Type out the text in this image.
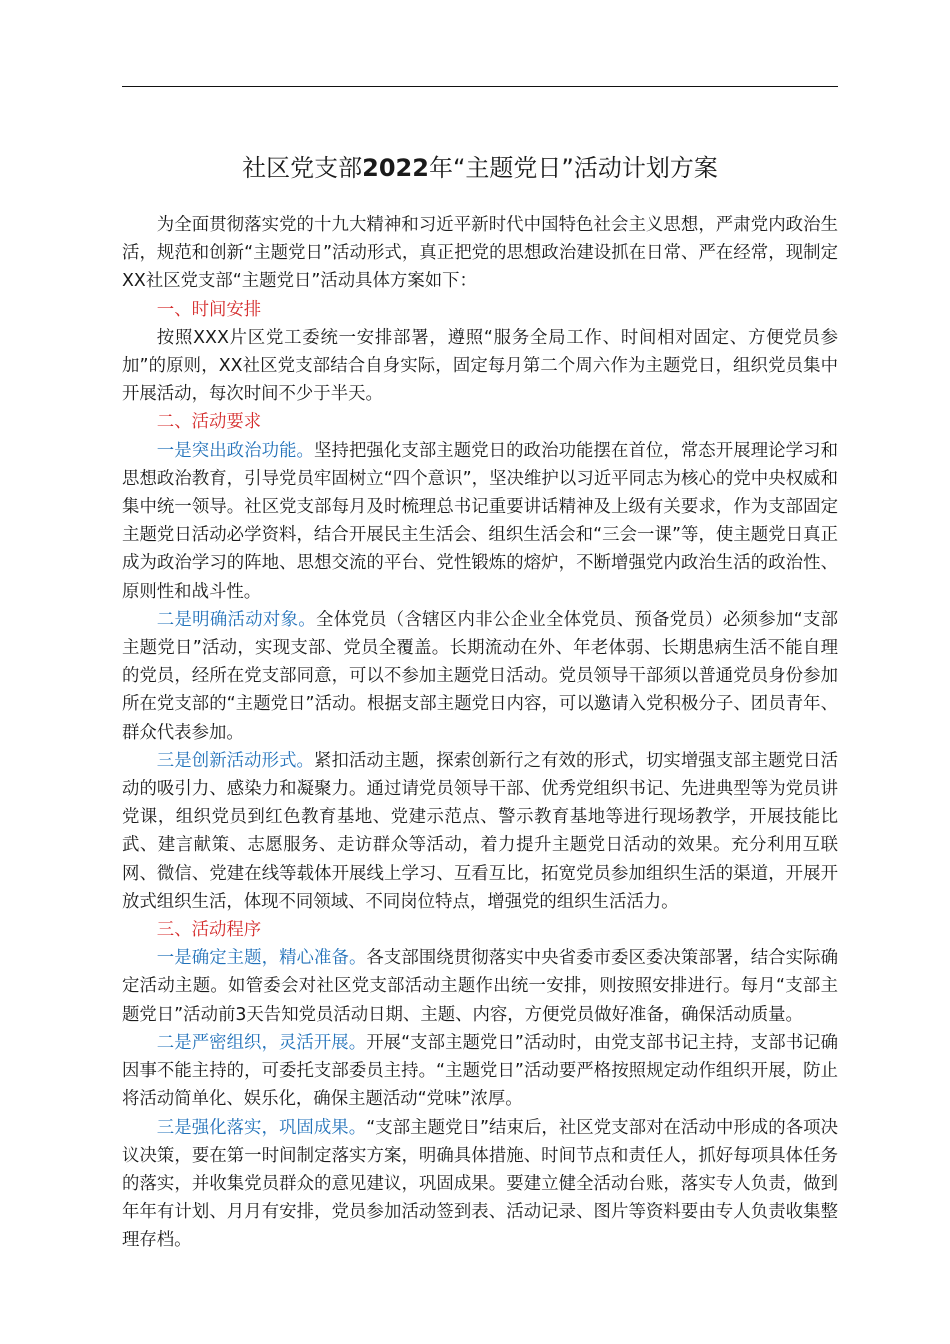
社区党支部2022年“主题党日”活动计划方案

为全面贯彻落实党的十九大精神和习近平新时代中国特色社会主义思想，严肃党内政治生活，规范和创新“主题党日”活动形式，真正把党的思想政治建设抓在日常、严在经常，现制定XX社区党支部“主题党日”活动具体方案如下：

一、时间安排

按照XXX片区党工委统一安排部署，遵照“服务全局工作、时间相对固定、方便党员参加”的原则，XX社区党支部结合自身实际，固定每月第二个周六作为主题党日，组织党员集中开展活动，每次时间不少于半天。

二、活动要求

一是突出政治功能。坚持把强化支部主题党日的政治功能摆在首位，常态开展理论学习和思想政治教育，引导党员牢固树立“四个意识”，坚决维护以习近平同志为核心的党中央权威和集中统一领导。社区党支部每月及时梳理总书记重要讲话精神及上级有关要求，作为支部固定主题党日活动必学资料，结合开展民主生活会、组织生活会和“三会一课”等，使主题党日真正成为政治学习的阵地、思想交流的平台、党性锻炼的熔炉，不断增强党内政治生活的政治性、原则性和战斗性。

二是明确活动对象。全体党员（含辖区内非公企业全体党员、预备党员）必须参加“支部主题党日”活动，实现支部、党员全覆盖。长期流动在外、年老体弱、长期患病生活不能自理的党员，经所在党支部同意，可以不参加主题党日活动。党员领导干部须以普通党员身份参加所在党支部的“主题党日”活动。根据支部主题党日内容，可以邀请入党积极分子、团员青年、群众代表参加。

三是创新活动形式。紧扣活动主题，探索创新行之有效的形式，切实增强支部主题党日活动的吸引力、感染力和凝聚力。通过请党员领导干部、优秀党组织书记、先进典型等为党员讲党课，组织党员到红色教育基地、党建示范点、警示教育基地等进行现场教学，开展技能比武、建言献策、志愿服务、走访群众等活动，着力提升主题党日活动的效果。充分利用互联网、微信、党建在线等载体开展线上学习、互看互比，拓宽党员参加组织生活的渠道，开展开放式组织生活，体现不同领域、不同岗位特点，增强党的组织生活活力。

三、活动程序

一是确定主题，精心准备。各支部围绕贯彻落实中央省委市委区委决策部署，结合实际确定活动主题。如管委会对社区党支部活动主题作出统一安排，则按照安排进行。每月“支部主题党日”活动前3天告知党员活动日期、主题、内容，方便党员做好准备，确保活动质量。

二是严密组织，灵活开展。开展“支部主题党日”活动时，由党支部书记主持，支部书记确因事不能主持的，可委托支部委员主持。“主题党日”活动要严格按照规定动作组织开展，防止将活动简单化、娱乐化，确保主题活动“党味”浓厚。

三是强化落实，巩固成果。“支部主题党日”结束后，社区党支部对在活动中形成的各项决议决策，要在第一时间制定落实方案，明确具体措施、时间节点和责任人，抓好每项具体任务的落实，并收集党员群众的意见建议，巩固成果。要建立健全活动台账，落实专人负责，做到年年有计划、月月有安排，党员参加活动签到表、活动记录、图片等资料要由专人负责收集整理存档。
